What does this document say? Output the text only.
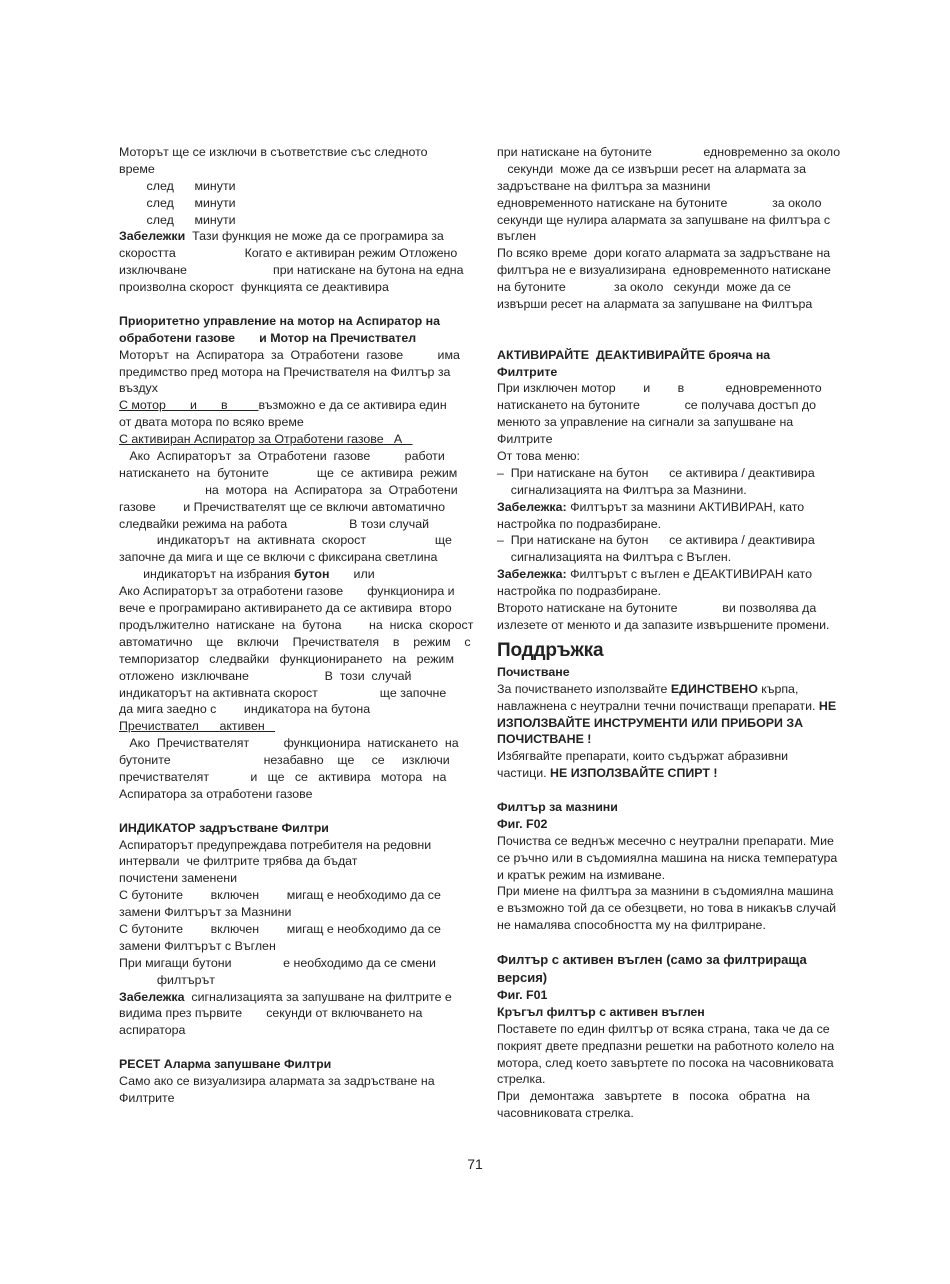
Моторът ще се изключи в съответствие със следното
време
след      минути
след      минути
след      минути
Забележки  Тази функция не може да се програмира за
скоростта                    Когато е активиран режим Отложено
изключване                         при натискане на бутона на една
произволна скорост  функцията се деактивира
Приоритетно управление на мотор на Аспиратор на
обработени газове       и Мотор на Пречиствател
Моторът  на  Аспиратора  за  Отработени  газове          има
предимство пред мотора на Пречиствателя на Филтър за
въздух
С мотор       и       в         възможно е да се активира един
от двата мотора по всяко време
С активиран Аспиратор за Отработени газове   А
Ако  Аспираторът  за  Отработени  газове          работи
натискането  на  бутоните              ще  се  активира  режим
на  мотора  на  Аспиратора  за  Отработени
газове        и Пречиствателят ще се включи автоматично
следвайки режима на работа                  В този случай
индикаторът  на  активната  скорост                    ще
започне да мига и ще се включи с фиксирана светлина
индикаторът на избрания бутон       или
Ако Аспираторът за отработени газове       функционира и
вече е програмирано активирането да се активира  второ
продължително  натискане  на  бутона        на  ниска  скорост
автоматично    ще    включи    Пречиствателя    в    режим    с
темпоризатор   следвайки   функционирането   на   режим
отложено  изключване                      В  този  случай
индикаторът на активната скорост                  ще започне
да мига заедно с        индикатора на бутона
Пречиствател      активен
Ако  Пречиствателят          функционира  натискането  на
бутоните                           незабавно    ще     се     изключи
пречиствателят            и   ще   се   активира   мотора   на
Аспиратора за отработени газове
ИНДИКАТОР задръстване Филтри
Аспираторът предупреждава потребителя на редовни
интервали  че филтрите трябва да бъдат
почистени заменени
С бутоните        включен        мигащ е необходимо да се
замени Филтърът за Мазнини
С бутоните        включен        мигащ е необходимо да се
замени Филтърът с Въглен
При мигащи бутони               е необходимо да се смени
филтърът
Забележка  сигнализацията за запушване на филтрите е
видима през първите       секунди от включването на
аспиратора
РЕСЕТ Аларма запушване Филтри
Само ако се визуализира алармата за задръстване на
Филтрите
при натискане на бутоните               едновременно за около
секунди  може да се извърши ресет на алармата за
задръстване на филтъра за мазнини
едновременното натискане на бутоните             за около
секунди ще нулира алармата за запушване на филтъра с
въглен
По всяко време  дори когато алармата за задръстване на
филтъра не е визуализирана  едновременното натискане
на бутоните              за около   секунди  може да се
извърши ресет на алармата за запушване на Филтъра
АКТИВИРАЙТЕ  ДЕАКТИВИРАЙТЕ брояча на
Филтрите
При изключен мотор        и        в            едновременното
натискането на бутоните             се получава достъп до
менюто за управление на сигнали за запушване на
Филтрите
От това меню:
–  При натискане на бутон      се активира / деактивира
сигнализацията на Филтъра за Мазнини.
Забележка: Филтърът за мазнини АКТИВИРАН, като
настройка по подразбиране.
–  При натискане на бутон      се активира / деактивира
сигнализацията на Филтъра с Въглен.
Забележка: Филтърът с въглен е ДЕАКТИВИРАН като
настройка по подразбиране.
Второто натискане на бутоните             ви позволява да
излезете от менюто и да запазите извършените промени.
Поддръжка
Почистване
За почистването използвайте ЕДИНСТВЕНО кърпа,
навлажнена с неутрални течни почистващи препарати. НЕ
ИЗПОЛЗВАЙТЕ ИНСТРУМЕНТИ ИЛИ ПРИБОРИ ЗА
ПОЧИСТВАНЕ !
Избягвайте препарати, които съдържат абразивни
частици. НЕ ИЗПОЛЗВАЙТЕ СПИРТ !
Филтър за мазнини
Фиг. F02
Почиства се веднъж месечно с неутрални препарати. Мие
се ръчно или в съдомиялна машина на ниска температура
и кратък режим на измиване.
При миене на филтъра за мазнини в съдомиялна машина
е възможно той да се обезцвети, но това в никакъв случай
не намалява способността му на филтриране.
Филтър с активен въглен (само за филтрираща
версия)
Фиг. F01
Кръгъл филтър с активен въглен
Поставете по един филтър от всяка страна, така че да се
покрият двете предпазни решетки на работното колело на
мотора, след което завъртете по посока на часовниковата
стрелка.
При   демонтажа   завъртете   в   посока   обратна   на
часовниковата стрелка.
71
